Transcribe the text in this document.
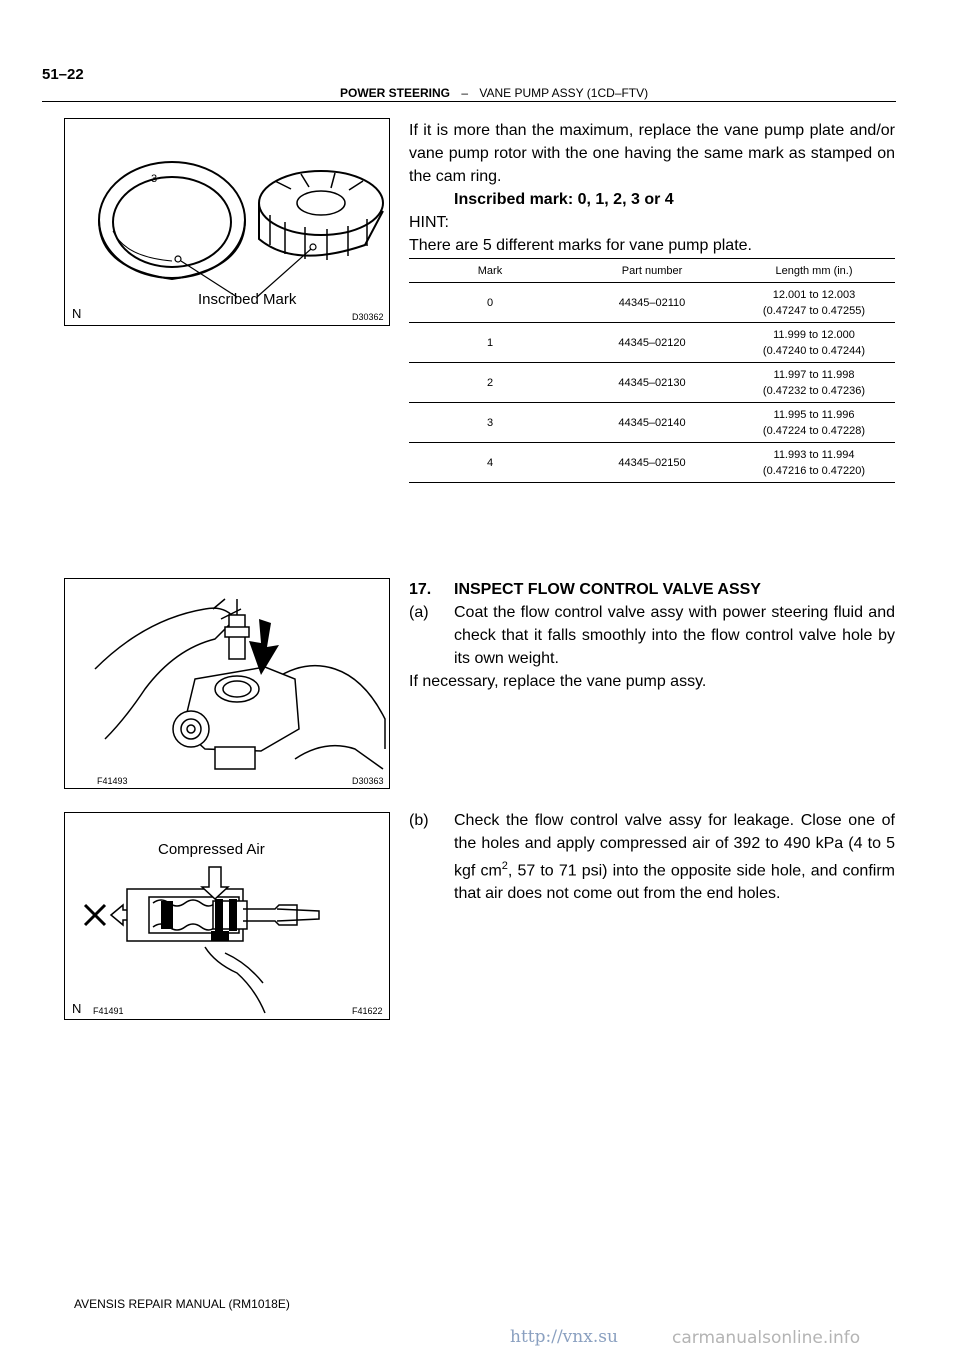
51–22
POWER STEERING – VANE PUMP ASSY (1CD–FTV)
3
Inscribed Mark
N	D30362
F41493	D30363
Compressed Air
N F41491	F41622
If it is more than the maximum, replace the vane pump plate and/or vane pump rotor with the one having the same mark as stamped on the cam ring.
Inscribed mark: 0, 1, 2, 3 or 4
HINT:
There are 5 different marks for vane pump plate.
Mark	Part number	Length mm (in.)
0	44345–02110	12.001 to 12.003
(0.47247 to 0.47255)

1	44345–02120	11.999 to 12.000
(0.47240 to 0.47244)

2	44345–02130	11.997 to 11.998
(0.47232 to 0.47236)

3	44345–02140	11.995 to 11.996
(0.47224 to 0.47228)

4	44345–02150	11.993 to 11.994
(0.47216 to 0.47220)
17. INSPECT FLOW CONTROL VALVE ASSY
(a) Coat the flow control valve assy with power steering fluid and check that it falls smoothly into the flow control valve hole by its own weight.
If necessary, replace the vane pump assy.
(b) Check the flow control valve assy for leakage. Close one of the holes and apply compressed air of 392 to 490 kPa (4 to 5 kgf $cm^2$, 57 to 71 psi) into the opposite side hole, and confirm that air does not come out from the end holes.
AVENSIS REPAIR MANUAL (RM1018E)
http://vnx.su	carmanualsonline.info
